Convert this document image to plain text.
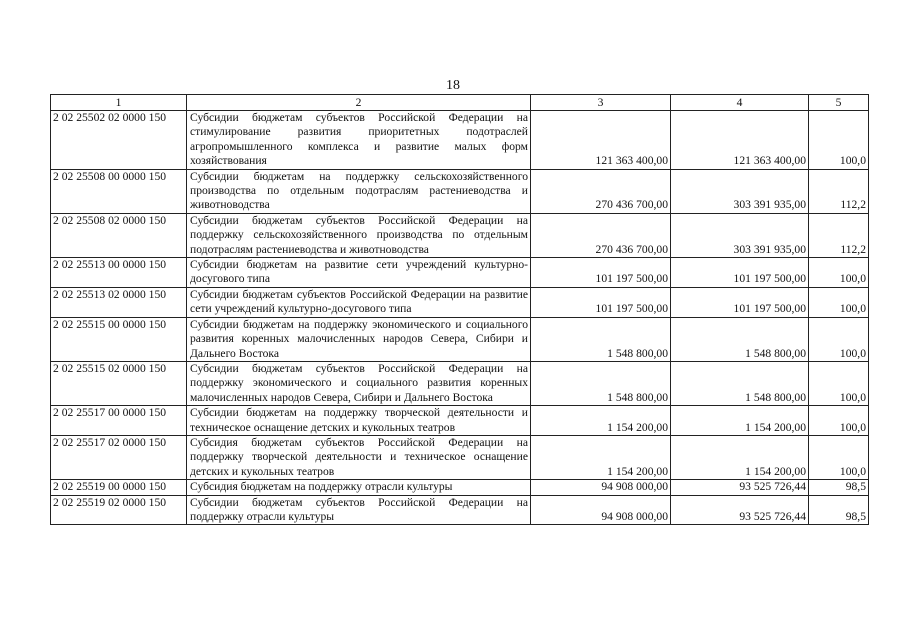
18
1	2	3	4	5
2 02 25502 02 0000 150	Субсидии бюджетам субъектов Российской Федерации на стимулирование развития приоритетных подотраслей агропромышленного комплекса и развитие малых форм хозяйствования	121 363 400,00	121 363 400,00	100,0
2 02 25508 00 0000 150	Субсидии бюджетам на поддержку сельскохозяйственного производства по отдельным подотраслям растениеводства и животноводства	270 436 700,00	303 391 935,00	112,2
2 02 25508 02 0000 150	Субсидии бюджетам субъектов Российской Федерации на поддержку сельскохозяйственного производства по отдельным подотраслям растениеводства и животноводства	270 436 700,00	303 391 935,00	112,2
2 02 25513 00 0000 150	Субсидии бюджетам на развитие сети учреждений культурно-досугового типа	101 197 500,00	101 197 500,00	100,0
2 02 25513 02 0000 150	Субсидии бюджетам субъектов Российской Федерации на развитие сети учреждений культурно-досугового типа	101 197 500,00	101 197 500,00	100,0
2 02 25515 00 0000 150	Субсидии бюджетам на поддержку экономического и социального развития коренных малочисленных народов Севера, Сибири и Дальнего Востока	1 548 800,00	1 548 800,00	100,0
2 02 25515 02 0000 150	Субсидии бюджетам субъектов Российской Федерации на поддержку экономического и социального развития коренных малочисленных народов Севера, Сибири и Дальнего Востока	1 548 800,00	1 548 800,00	100,0
2 02 25517 00 0000 150	Субсидии бюджетам на поддержку творческой деятельности и техническое оснащение детских и кукольных театров	1 154 200,00	1 154 200,00	100,0
2 02 25517 02 0000 150	Субсидия бюджетам субъектов Российской Федерации на поддержку творческой деятельности и техническое оснащение детских и кукольных театров	1 154 200,00	1 154 200,00	100,0
2 02 25519 00 0000 150	Субсидия бюджетам на поддержку отрасли культуры	94 908 000,00	93 525 726,44	98,5
2 02 25519 02 0000 150	Субсидии бюджетам субъектов Российской Федерации на поддержку отрасли культуры	94 908 000,00	93 525 726,44	98,5
